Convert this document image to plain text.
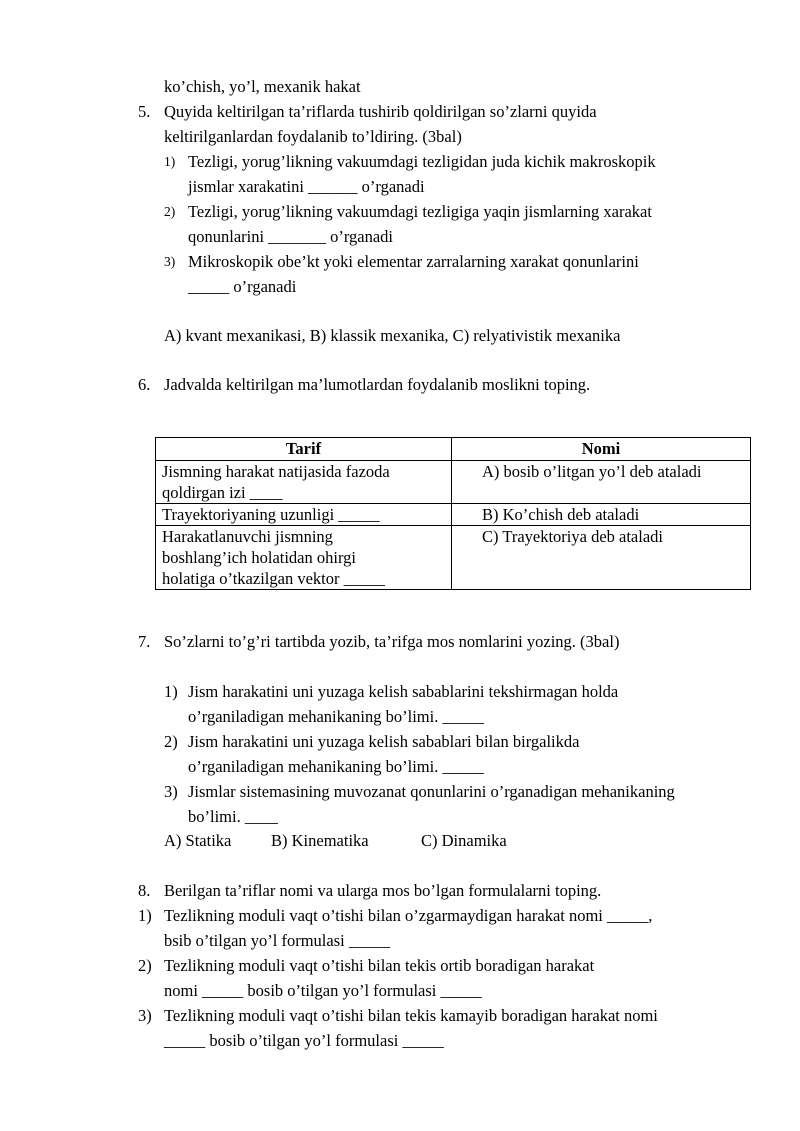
ko’chish, yo’l, mexanik hakat
5. Quyida keltirilgan ta’riflarda tushirib qoldirilgan so’zlarni quyida
keltirilganlardan foydalanib to’ldiring. (3bal)
1) Tezligi, yorug’likning vakuumdagi tezligidan juda kichik makroskopik
jismlar xarakatini ______ o’rganadi
2) Tezligi, yorug’likning vakuumdagi tezligiga yaqin jismlarning xarakat
qonunlarini _______ o’rganadi
3) Mikroskopik obe’kt yoki elementar zarralarning xarakat qonunlarini
_____ o’rganadi
A) kvant mexanikasi, B) klassik mexanika, C) relyativistik mexanika
6. Jadvalda keltirilgan ma’lumotlardan foydalanib moslikni toping.
Tarif	Nomi

Jismning harakat natijasida fazoda
qoldirgan izi ____	A) bosib o’litgan yo’l deb ataladi

Trayektoriyaning uzunligi _____	B) Ko’chish deb ataladi

Harakatlanuvchi jismning
boshlang’ich holatidan ohirgi
holatiga o’tkazilgan vektor _____	C) Trayektoriya deb ataladi
7. So’zlarni to’g’ri tartibda yozib, ta’rifga mos nomlarini yozing. (3bal)
1) Jism harakatini uni yuzaga kelish sabablarini tekshirmagan holda
o’rganiladigan mehanikaning bo’limi. _____
2) Jism harakatini uni yuzaga kelish sabablari bilan birgalikda
o’rganiladigan mehanikaning bo’limi. _____
3) Jismlar sistemasining muvozanat qonunlarini o’rganadigan mehanikaning
bo’limi. ____
A) Statika B) Kinematika	C) Dinamika
8. Berilgan ta’riflar nomi va ularga mos bo’lgan formulalarni toping.
1) Tezlikning moduli vaqt o’tishi bilan o’zgarmaydigan harakat nomi _____,
bsib o’tilgan yo’l formulasi _____
2) Tezlikning moduli vaqt o’tishi bilan tekis ortib boradigan harakat
nomi _____ bosib o’tilgan yo’l formulasi _____
3) Tezlikning moduli vaqt o’tishi bilan tekis kamayib boradigan harakat nomi
_____ bosib o’tilgan yo’l formulasi _____
